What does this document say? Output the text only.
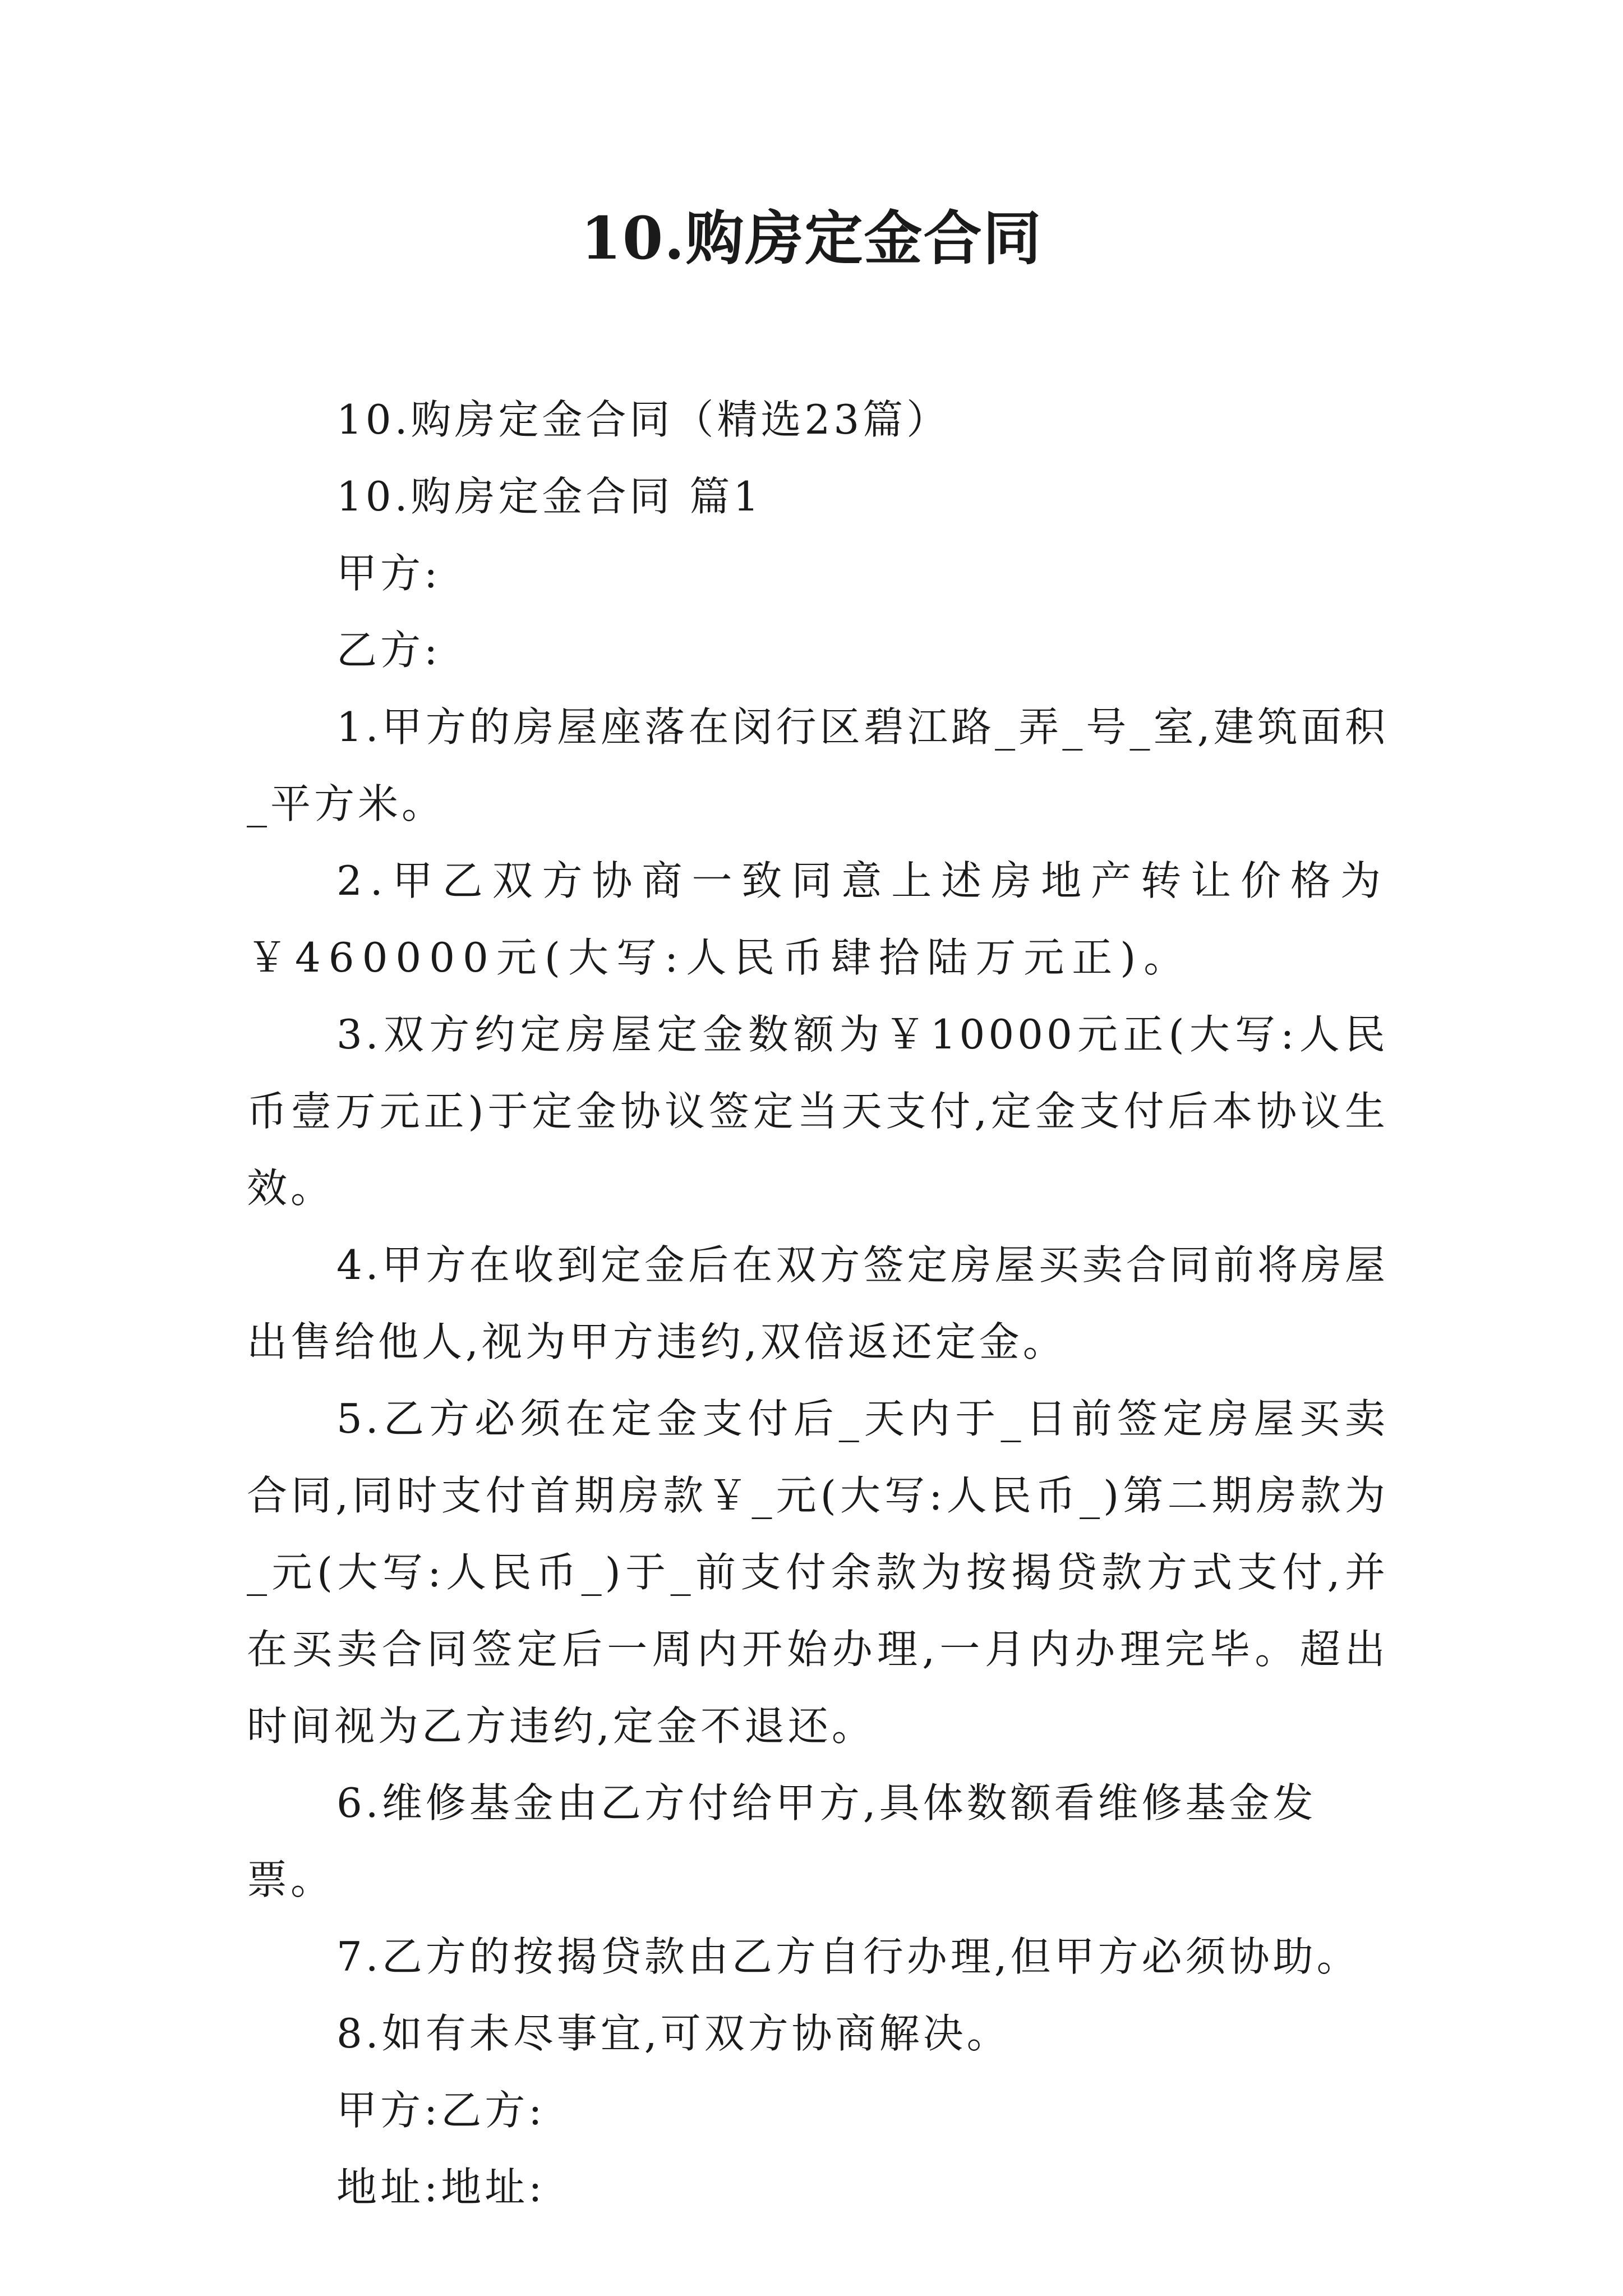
10.购房定金合同

10.购房定金合同（精选23篇）

10.购房定金合同 篇1

甲方:

乙方:

1.甲方的房屋座落在闵行区碧江路_弄_号_室,建筑面积_平方米。

2.甲乙双方协商一致同意上述房地产转让价格为￥460000元(大写:人民币肆拾陆万元正)。

3.双方约定房屋定金数额为￥10000元正(大写:人民币壹万元正)于定金协议签定当天支付,定金支付后本协议生效。

4.甲方在收到定金后在双方签定房屋买卖合同前将房屋出售给他人,视为甲方违约,双倍返还定金。

5.乙方必须在定金支付后_天内于_日前签定房屋买卖合同,同时支付首期房款￥_元(大写:人民币_)第二期房款为_元(大写:人民币_)于_前支付余款为按揭贷款方式支付,并在买卖合同签定后一周内开始办理,一月内办理完毕。超出时间视为乙方违约,定金不退还。

6.维修基金由乙方付给甲方,具体数额看维修基金发票。

7.乙方的按揭贷款由乙方自行办理,但甲方必须协助。

8.如有未尽事宜,可双方协商解决。

甲方:乙方:

地址:地址:
